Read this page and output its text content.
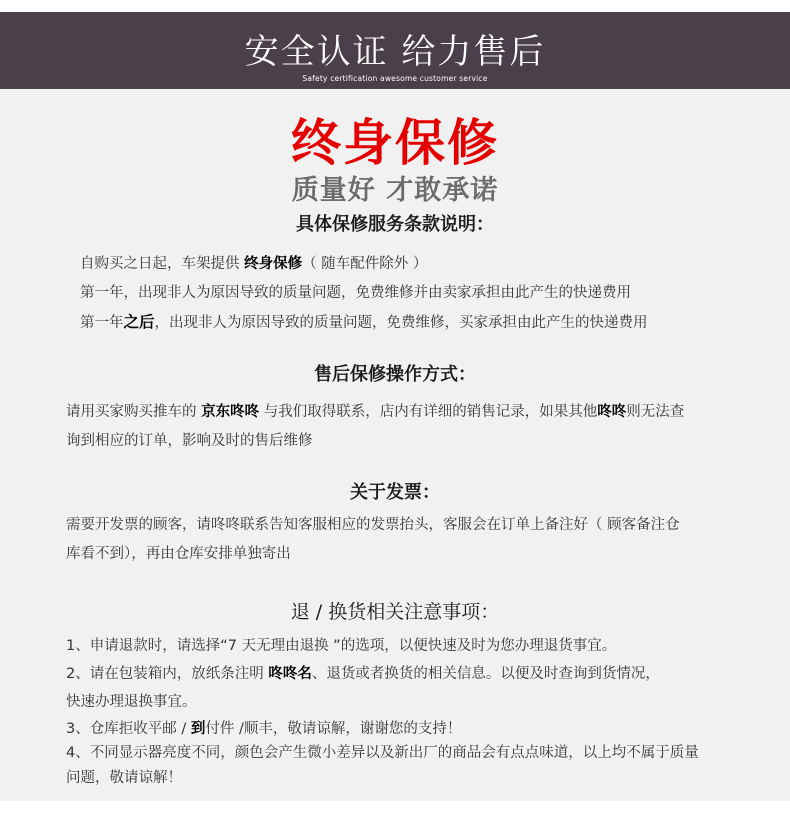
安全认证 给力售后
Safety certification awesome customer service
终身保修
质量好 才敢承诺
具体保修服务条款说明：
自购买之日起，车架提供 终身保修（ 随车配件除外 ）
第一年，出现非人为原因导致的质量问题，免费维修并由卖家承担由此产生的快递费用
第一年之后，出现非人为原因导致的质量问题，免费维修，买家承担由此产生的快递费用
售后保修操作方式：
请用买家购买推车的 京东咚咚 与我们取得联系，店内有详细的销售记录，如果其他咚咚则无法查
询到相应的订单，影响及时的售后维修
关于发票：
需要开发票的顾客，请咚咚联系告知客服相应的发票抬头，客服会在订单上备注好（ 顾客备注仓
库看不到），再由仓库安排单独寄出
退 / 换货相关注意事项：
1、申请退款时，请选择“7 天无理由退换 ”的选项，以便快速及时为您办理退货事宜。
2、请在包装箱内，放纸条注明 咚咚名、退货或者换货的相关信息。以便及时查询到货情况，
快速办理退换事宜。
3、仓库拒收平邮 / 到付件 /顺丰，敬请谅解，谢谢您的支持！
4、不同显示器亮度不同，颜色会产生微小差异以及新出厂的商品会有点点味道，以上均不属于质量
问题，敬请谅解！
